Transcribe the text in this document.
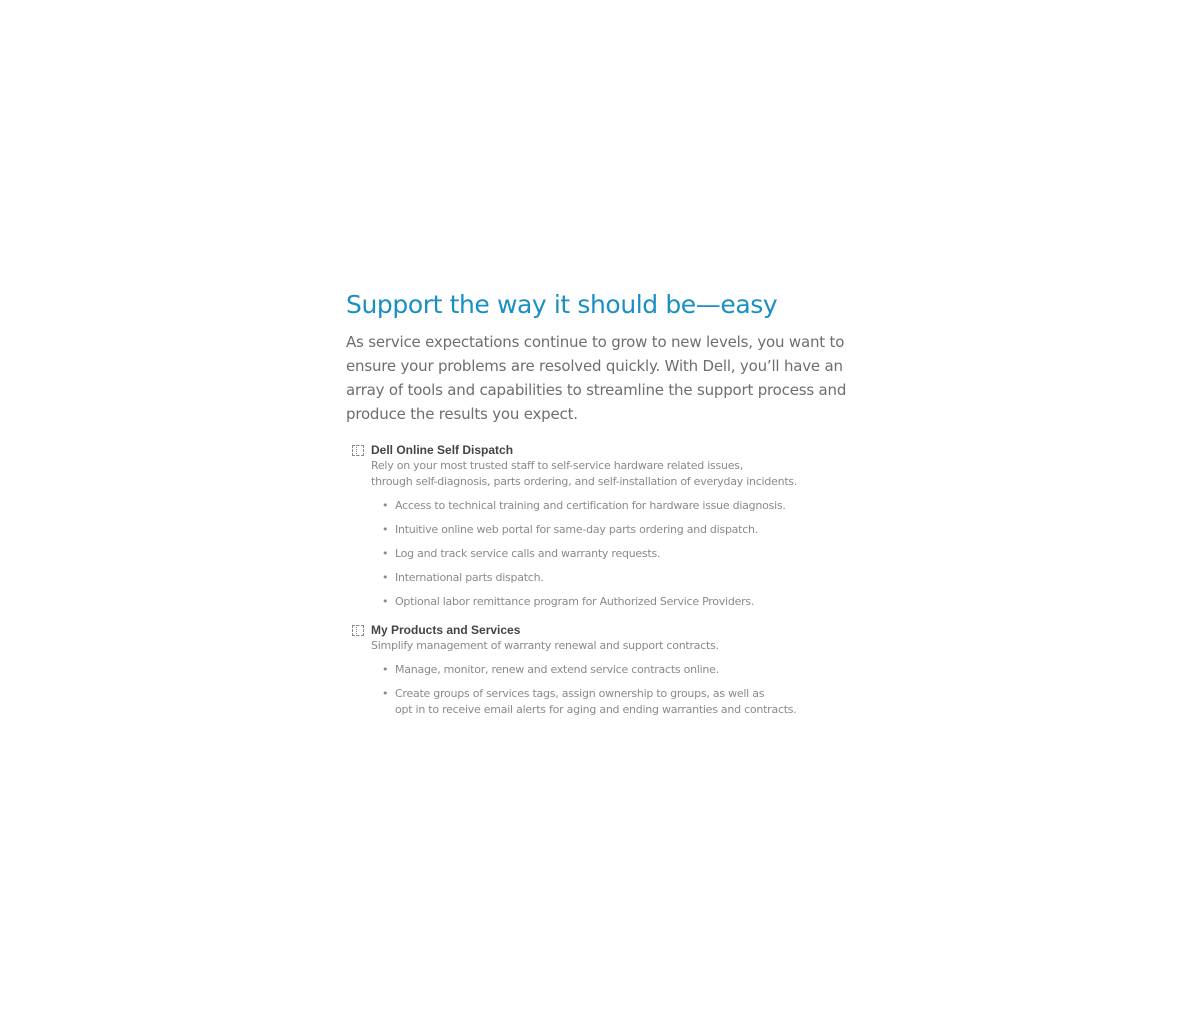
Support the way it should be—easy

As service expectations continue to grow to new levels, you want to
ensure your problems are resolved quickly. With Dell, you’ll have an
array of tools and capabilities to streamline the support process and
produce the results you expect.

Dell Online Self Dispatch
Rely on your most trusted staff to self-service hardware related issues,
through self-diagnosis, parts ordering, and self-installation of everyday incidents.
• Access to technical training and certification for hardware issue diagnosis.
• Intuitive online web portal for same-day parts ordering and dispatch.
• Log and track service calls and warranty requests.
• International parts dispatch.
• Optional labor remittance program for Authorized Service Providers.
My Products and Services
Simplify management of warranty renewal and support contracts.
• Manage, monitor, renew and extend service contracts online.
• Create groups of services tags, assign ownership to groups, as well as
opt in to receive email alerts for aging and ending warranties and contracts.
